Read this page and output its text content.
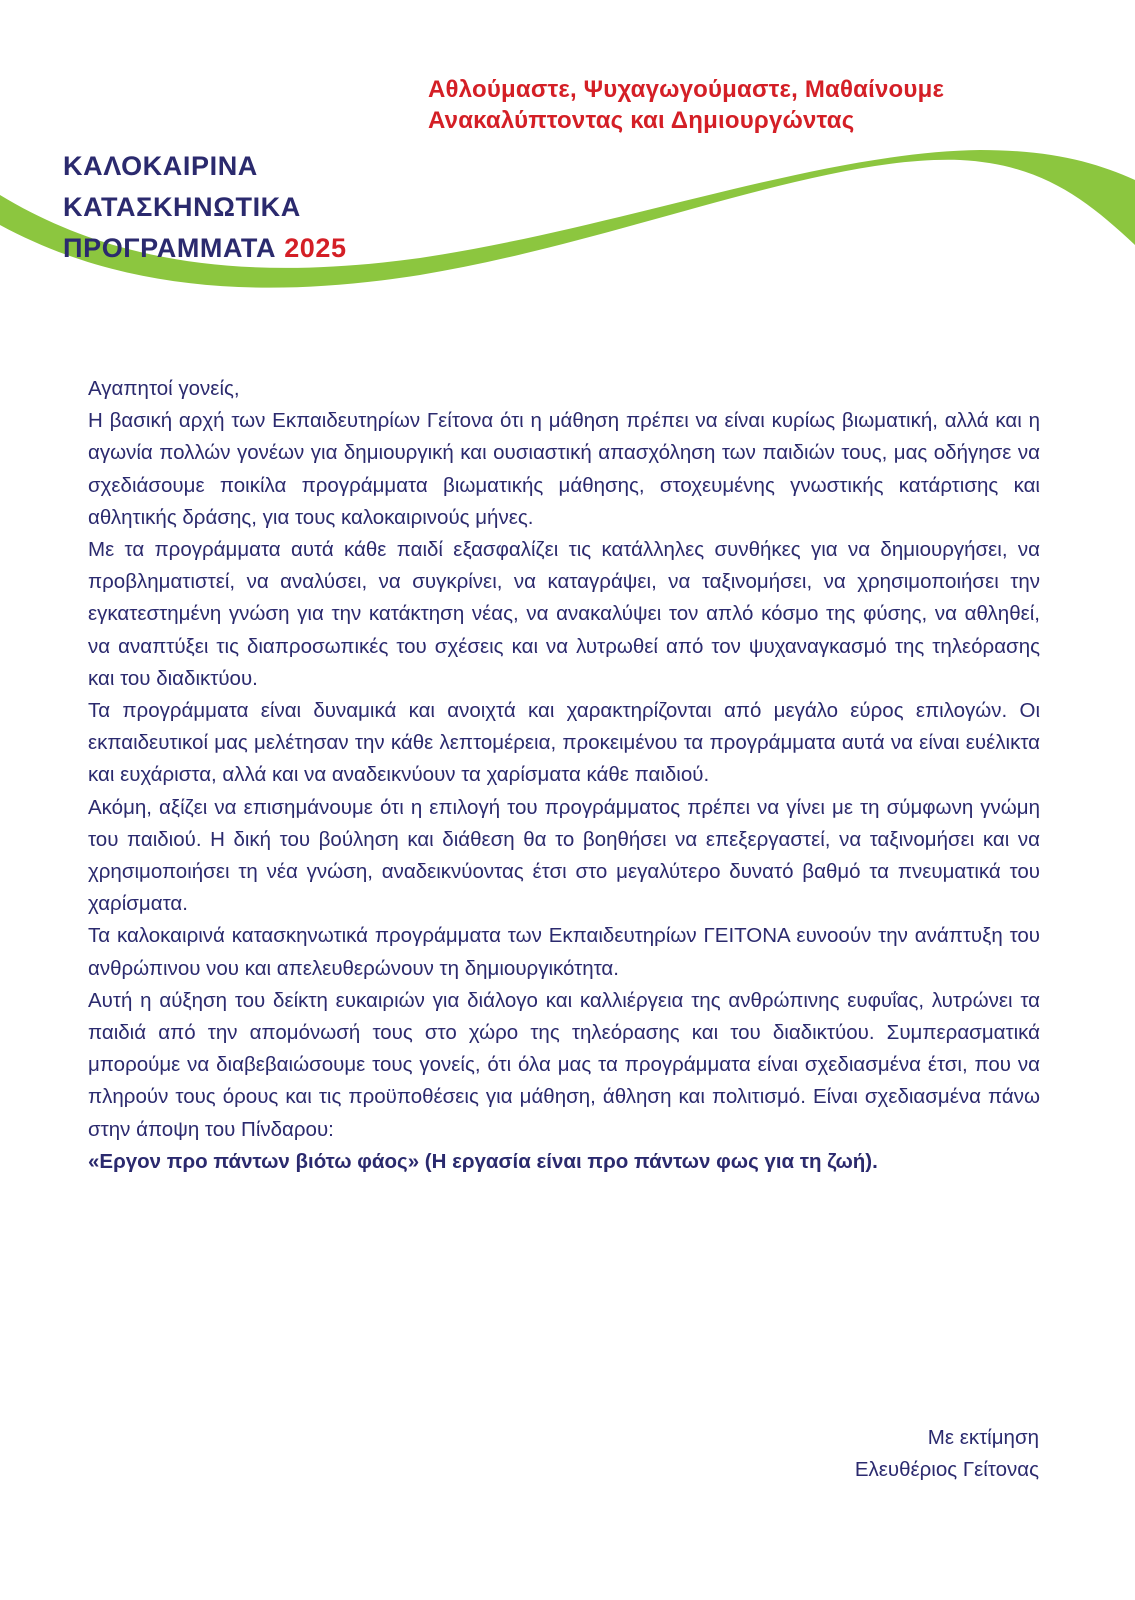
Αθλούμαστε, Ψυχαγωγούμαστε, Μαθαίνουμε
Ανακαλύπτοντας και Δημιουργώντας
ΚΑΛΟΚΑΙΡΙΝΑ
ΚΑΤΑΣΚΗΝΩΤΙΚΑ
ΠΡΟΓΡΑΜΜΑΤΑ 2025

Αγαπητοί γονείς,

Η βασική αρχή των Εκπαιδευτηρίων Γείτονα ότι η μάθηση πρέπει να είναι κυρίως βιωματική, αλλά και η αγωνία πολλών γονέων για δημιουργική και ουσιαστική απασχόληση των παιδιών τους, μας οδήγησε να σχεδιάσουμε ποικίλα προγράμματα βιωματικής μάθησης, στοχευμένης γνωστικής κατάρτισης και αθλητικής δράσης, για τους καλοκαιρινούς μήνες.

Με τα προγράμματα αυτά κάθε παιδί εξασφαλίζει τις κατάλληλες συνθήκες για να δημιουργήσει, να προβληματιστεί, να αναλύσει, να συγκρίνει, να καταγράψει, να ταξινομήσει, να χρησιμοποιήσει την εγκατεστημένη γνώση για την κατάκτηση νέας, να ανακαλύψει τον απλό κόσμο της φύσης, να αθληθεί, να αναπτύξει τις διαπροσωπικές του σχέσεις και να λυτρωθεί από τον ψυχαναγκασμό της τηλεόρασης και του διαδικτύου.

Τα προγράμματα είναι δυναμικά και ανοιχτά και χαρακτηρίζονται από μεγάλο εύρος επιλογών. Οι εκπαιδευτικοί μας μελέτησαν την κάθε λεπτομέρεια, προκειμένου τα προγράμματα αυτά να είναι ευέλικτα και ευχάριστα, αλλά και να αναδεικνύουν τα χαρίσματα κάθε παιδιού.

Ακόμη, αξίζει να επισημάνουμε ότι η επιλογή του προγράμματος πρέπει να γίνει με τη σύμφωνη γνώμη του παιδιού. Η δική του βούληση και διάθεση θα το βοηθήσει να επεξεργαστεί, να ταξινομήσει και να χρησιμοποιήσει τη νέα γνώση, αναδεικνύοντας έτσι στο μεγαλύτερο δυνατό βαθμό τα πνευματικά του χαρίσματα.

Τα καλοκαιρινά κατασκηνωτικά προγράμματα των Εκπαιδευτηρίων ΓΕΙΤΟΝΑ ευνοούν την ανάπτυξη του ανθρώπινου νου και απελευθερώνουν τη δημιουργικότητα.

Αυτή η αύξηση του δείκτη ευκαιριών για διάλογο και καλλιέργεια της ανθρώπινης ευφυΐας, λυτρώνει τα παιδιά από την απομόνωσή τους στο χώρο της τηλεόρασης και του διαδικτύου. Συμπερασματικά μπορούμε να διαβεβαιώσουμε τους γονείς, ότι όλα μας τα προγράμματα είναι σχεδιασμένα έτσι, που να πληρούν τους όρους και τις προϋποθέσεις για μάθηση, άθληση και πολιτισμό. Είναι σχεδιασμένα πάνω στην άποψη του Πίνδαρου:

«Εργον προ πάντων βιότω φάος» (Η εργασία είναι προ πάντων φως για τη ζωή).

Με εκτίμηση
Ελευθέριος Γείτονας
